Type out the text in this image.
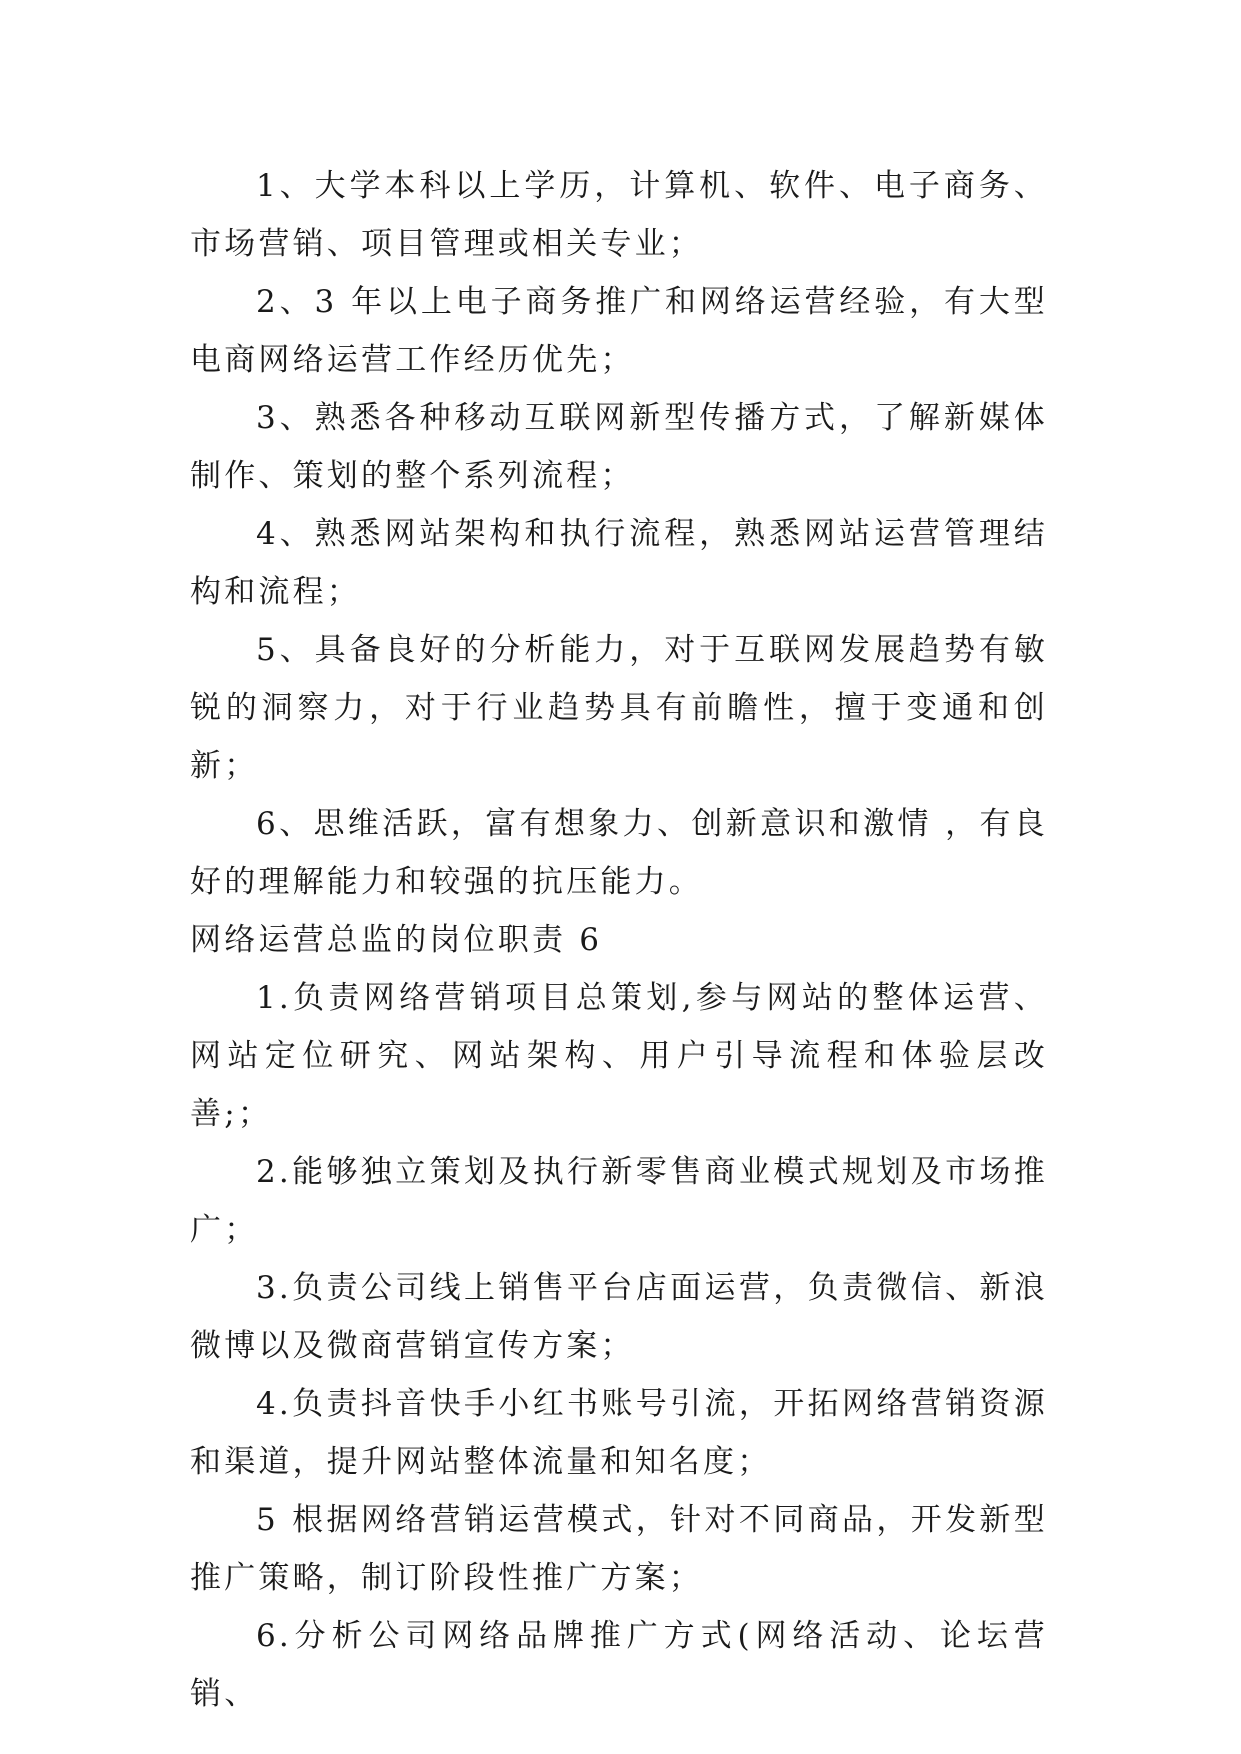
1、大学本科以上学历，计算机、软件、电子商务、市场营销、项目管理或相关专业；

2、3 年以上电子商务推广和网络运营经验，有大型电商网络运营工作经历优先；

3、熟悉各种移动互联网新型传播方式，了解新媒体制作、策划的整个系列流程；

4、熟悉网站架构和执行流程，熟悉网站运营管理结构和流程；

5、具备良好的分析能力，对于互联网发展趋势有敏锐的洞察力，对于行业趋势具有前瞻性，擅于变通和创新；

6、思维活跃，富有想象力、创新意识和激情 ，有良好的理解能力和较强的抗压能力。

网络运营总监的岗位职责 6

1.负责网络营销项目总策划,参与网站的整体运营、网站定位研究、网站架构、用户引导流程和体验层改善;；

2.能够独立策划及执行新零售商业模式规划及市场推广；

3.负责公司线上销售平台店面运营，负责微信、新浪微博以及微商营销宣传方案；

4.负责抖音快手小红书账号引流，开拓网络营销资源和渠道，提升网站整体流量和知名度；

5 根据网络营销运营模式，针对不同商品，开发新型推广策略，制订阶段性推广方案；

6.分析公司网络品牌推广方式(网络活动、论坛营销、
